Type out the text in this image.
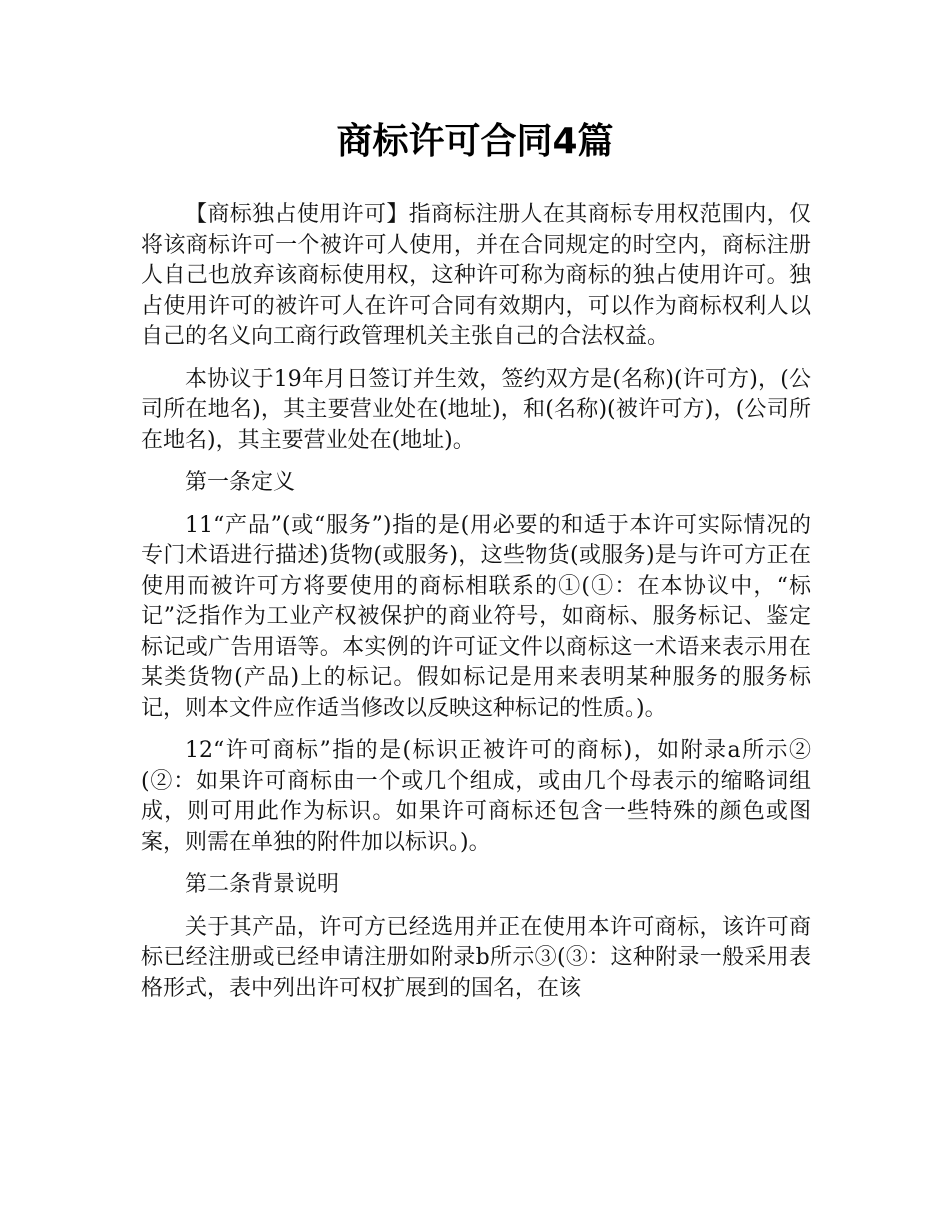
商标许可合同4篇

【商标独占使用许可】指商标注册人在其商标专用权范围内，仅将该商标许可一个被许可人使用，并在合同规定的时空内，商标注册人自己也放弃该商标使用权，这种许可称为商标的独占使用许可。独占使用许可的被许可人在许可合同有效期内，可以作为商标权利人以自己的名义向工商行政管理机关主张自己的合法权益。

本协议于19年月日签订并生效，签约双方是(名称)(许可方)，(公司所在地名)，其主要营业处在(地址)，和(名称)(被许可方)，(公司所在地名)，其主要营业处在(地址)。

第一条定义

11“产品”(或“服务”)指的是(用必要的和适于本许可实际情况的专门术语进行描述)货物(或服务)，这些物货(或服务)是与许可方正在使用而被许可方将要使用的商标相联系的①(①：在本协议中，“标记”泛指作为工业产权被保护的商业符号，如商标、服务标记、鉴定标记或广告用语等。本实例的许可证文件以商标这一术语来表示用在某类货物(产品)上的标记。假如标记是用来表明某种服务的服务标记，则本文件应作适当修改以反映这种标记的性质。)。

12“许可商标”指的是(标识正被许可的商标)，如附录a所示②(②：如果许可商标由一个或几个组成，或由几个母表示的缩略词组成，则可用此作为标识。如果许可商标还包含一些特殊的颜色或图案，则需在单独的附件加以标识。)。

第二条背景说明

关于其产品，许可方已经选用并正在使用本许可商标，该许可商标已经注册或已经申请注册如附录b所示③(③：这种附录一般采用表格形式，表中列出许可权扩展到的国名，在该
